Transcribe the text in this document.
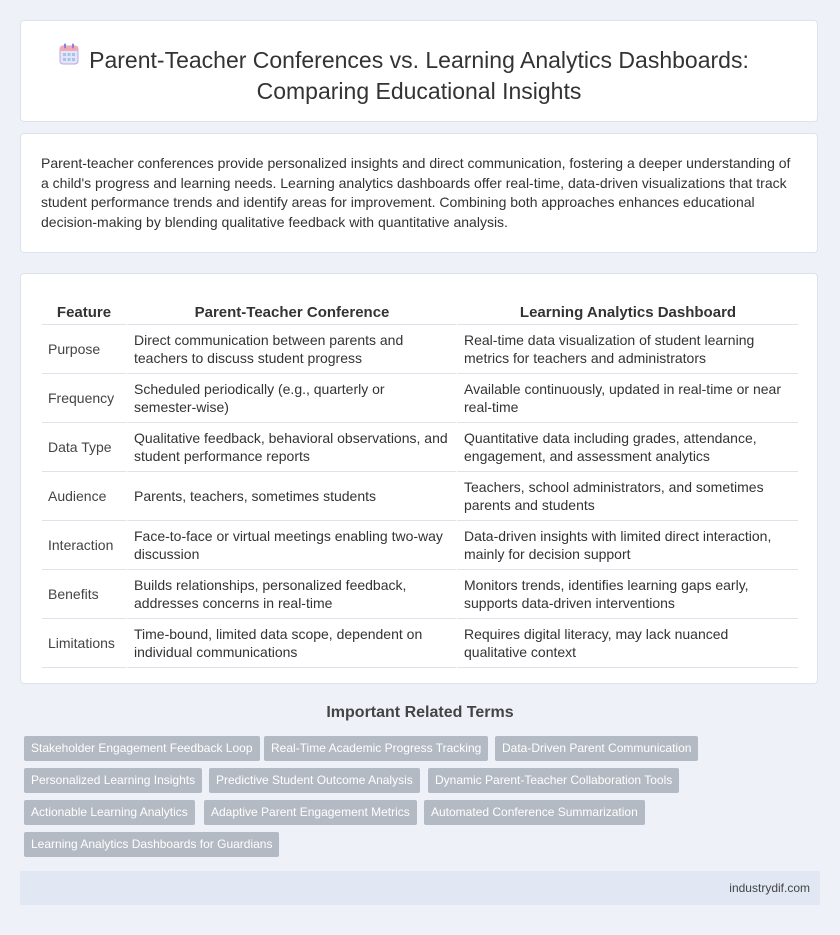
Parent-Teacher Conferences vs. Learning Analytics Dashboards:
Comparing Educational Insights

Parent-teacher conferences provide personalized insights and direct communication, fostering a deeper understanding of a child's progress and learning needs. Learning analytics dashboards offer real-time, data-driven visualizations that track student performance trends and identify areas for improvement. Combining both approaches enhances educational decision-making by blending qualitative feedback with quantitative analysis.

Feature	Parent-Teacher Conference	Learning Analytics Dashboard
Purpose	Direct communication between parents and teachers to discuss student progress	Real-time data visualization of student learning metrics for teachers and administrators
Frequency	Scheduled periodically (e.g., quarterly or semester-wise)	Available continuously, updated in real-time or near real-time
Data Type	Qualitative feedback, behavioral observations, and student performance reports	Quantitative data including grades, attendance, engagement, and assessment analytics
Audience	Parents, teachers, sometimes students	Teachers, school administrators, and sometimes parents and students
Interaction	Face-to-face or virtual meetings enabling two-way discussion	Data-driven insights with limited direct interaction, mainly for decision support
Benefits	Builds relationships, personalized feedback, addresses concerns in real-time	Monitors trends, identifies learning gaps early, supports data-driven interventions
Limitations	Time-bound, limited data scope, dependent on individual communications	Requires digital literacy, may lack nuanced qualitative context
Important Related Terms
Stakeholder Engagement Feedback Loop	Real-Time Academic Progress Tracking	Data-Driven Parent Communication
Personalized Learning Insights	Predictive Student Outcome Analysis	Dynamic Parent-Teacher Collaboration Tools
Actionable Learning Analytics	Adaptive Parent Engagement Metrics	Automated Conference Summarization
Learning Analytics Dashboards for Guardians
industrydif.com
